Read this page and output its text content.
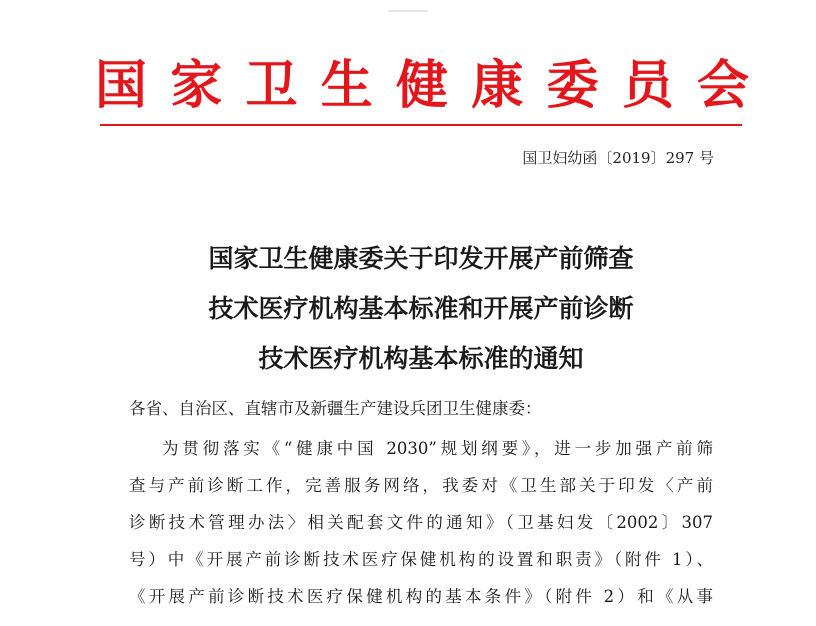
国 家 卫 生 健 康 委 员 会
国卫妇幼函〔2019〕297 号
国家卫生健康委关于印发开展产前筛查
技术医疗机构基本标准和开展产前诊断
技术医疗机构基本标准的通知
各省、自治区、直辖市及新疆生产建设兵团卫生健康委：
为贯彻落实《“健康中国 2030”规划纲要》，进一步加强产前筛
查与产前诊断工作，完善服务网络，我委对《卫生部关于印发〈产前
诊断技术管理办法〉相关配套文件的通知》（卫基妇发〔2002〕307
号）中《开展产前诊断技术医疗保健机构的设置和职责》（附件 1）、
《开展产前诊断技术医疗保健机构的基本条件》（附件 2）和《从事
